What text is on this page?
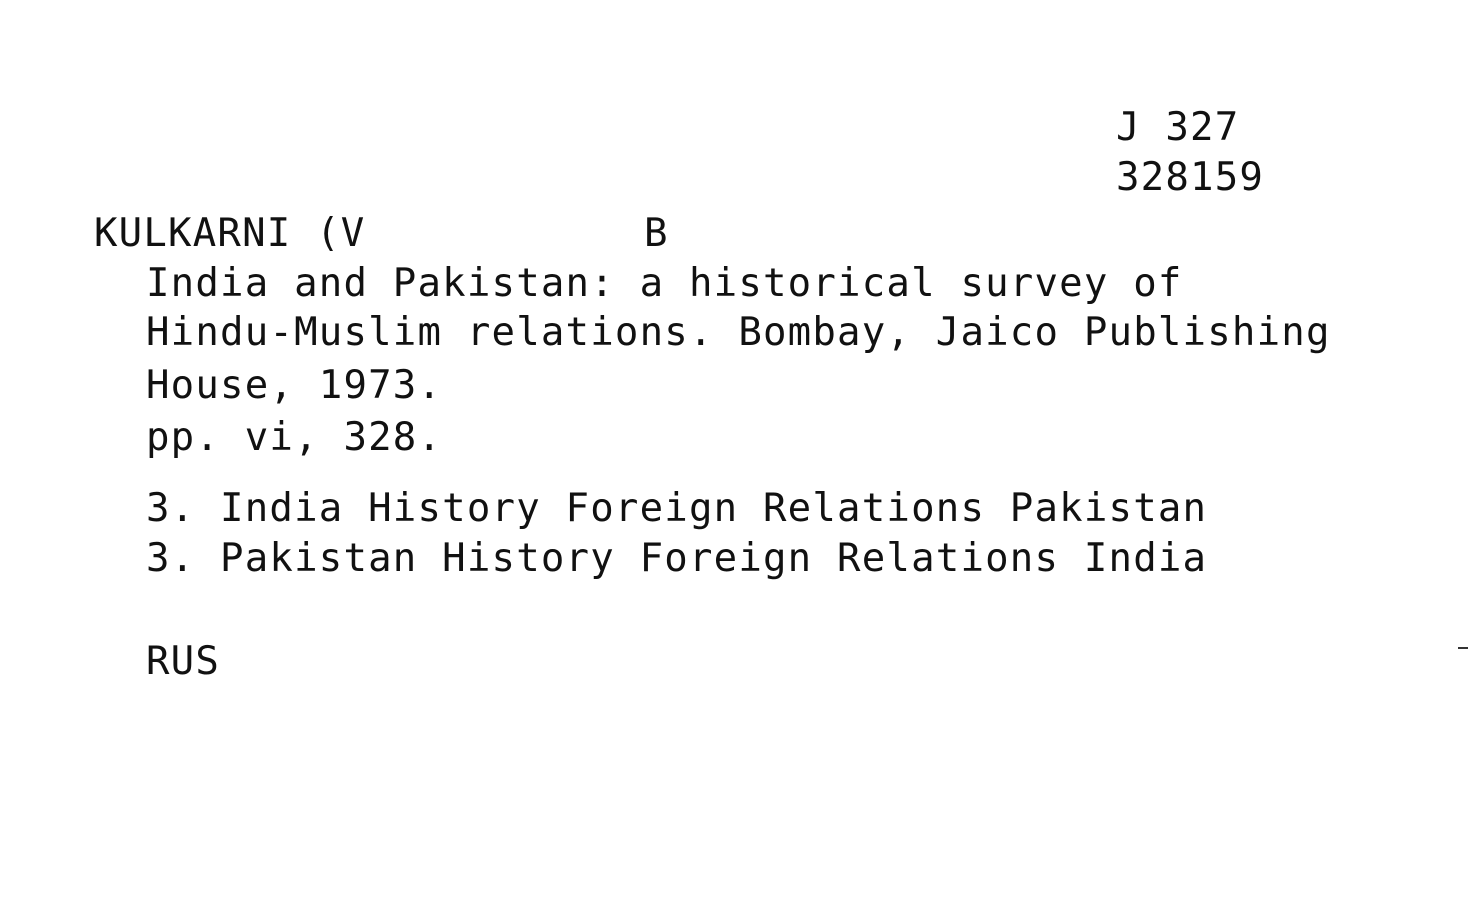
J 327
328159
KULKARNI (V	B
India and Pakistan: a historical survey of
Hindu-Muslim relations. Bombay, Jaico Publishing
House, 1973.
pp. vi, 328.
3. India History Foreign Relations Pakistan
3. Pakistan History Foreign Relations India
RUS
